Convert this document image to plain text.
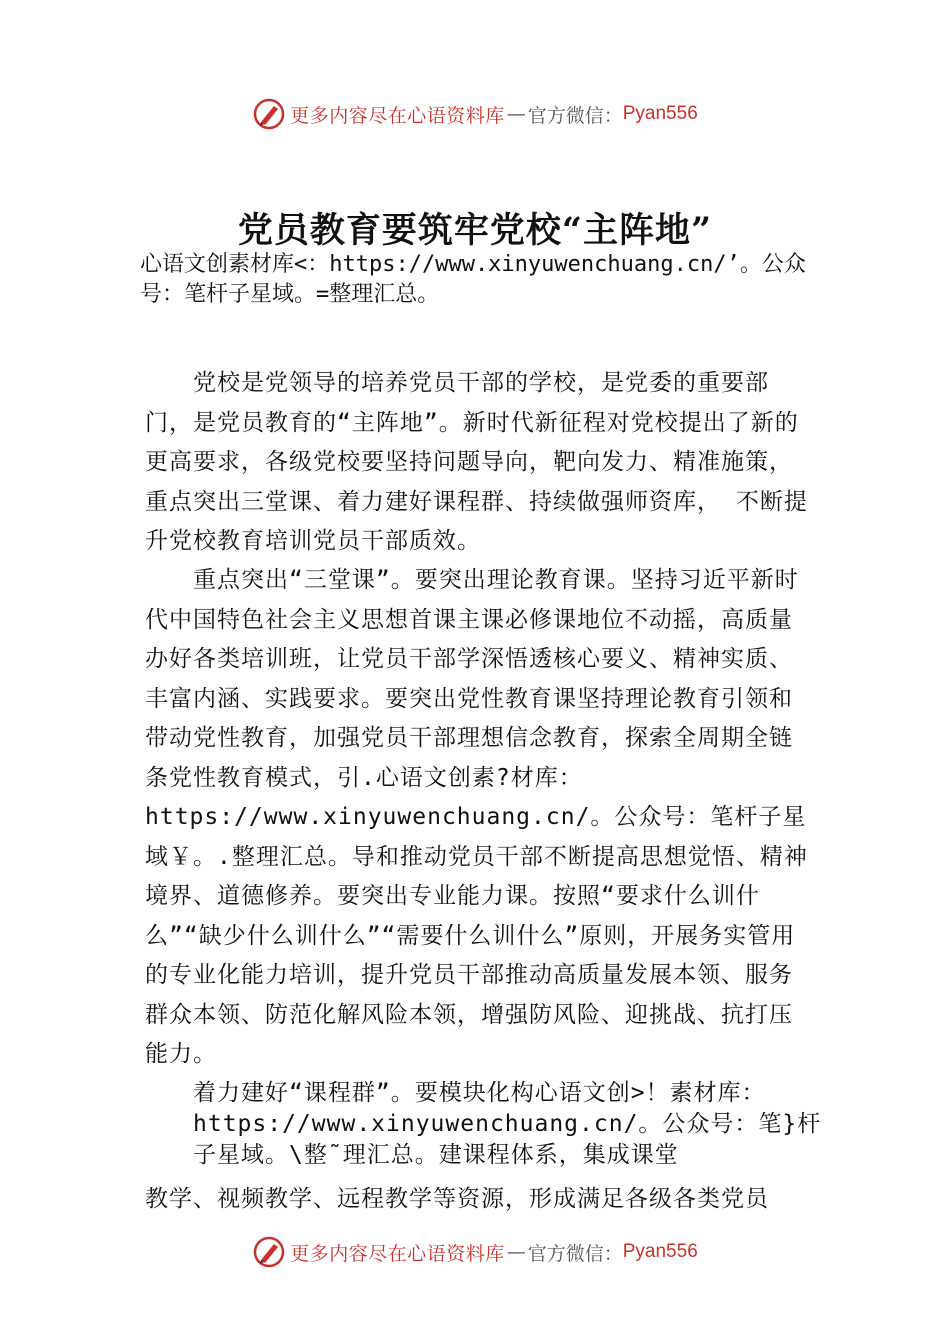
更多内容尽在心语资料库 — 官方微信： Pyan556
党员教育要筑牢党校“主阵地”
心语文创素材库<：https://www.xinyuwenchuang.cn/’。公众号：笔杆子星域。=整理汇总。

党校是党领导的培养党员干部的学校，是党委的重要部门，是党员教育的“主阵地”。新时代新征程对党校提出了新的更高要求，各级党校要坚持问题导向，靶向发力、精准施策，重点突出三堂课、着力建好课程群、持续做强师资库， 不断提升党校教育培训党员干部质效。

重点突出“三堂课”。要突出理论教育课。坚持习近平新时代中国特色社会主义思想首课主课必修课地位不动摇，高质量办好各类培训班，让党员干部学深悟透核心要义、精神实质、丰富内涵、实践要求。要突出党性教育课坚持理论教育引领和带动党性教育，加强党员干部理想信念教育，探索全周期全链条党性教育模式，引.心语文创素?材库：https://www.xinyuwenchuang.cn/。公众号：笔杆子星域￥。.整理汇总。导和推动党员干部不断提高思想觉悟、精神境界、道德修养。要突出专业能力课。按照“要求什么训什么”“缺少什么训什么”“需要什么训什么”原则，开展务实管用的专业化能力培训，提升党员干部推动高质量发展本领、服务群众本领、防范化解风险本领，增强防风险、迎挑战、抗打压能力。

着力建好“课程群”。要模块化构心语文创>！素材库：https://www.xinyuwenchuang.cn/。公众号：笔}杆子星域。\整˜理汇总。建课程体系，集成课堂

教学、视频教学、远程教学等资源，形成满足各级各类党员

更多内容尽在心语资料库 — 官方微信： Pyan556
